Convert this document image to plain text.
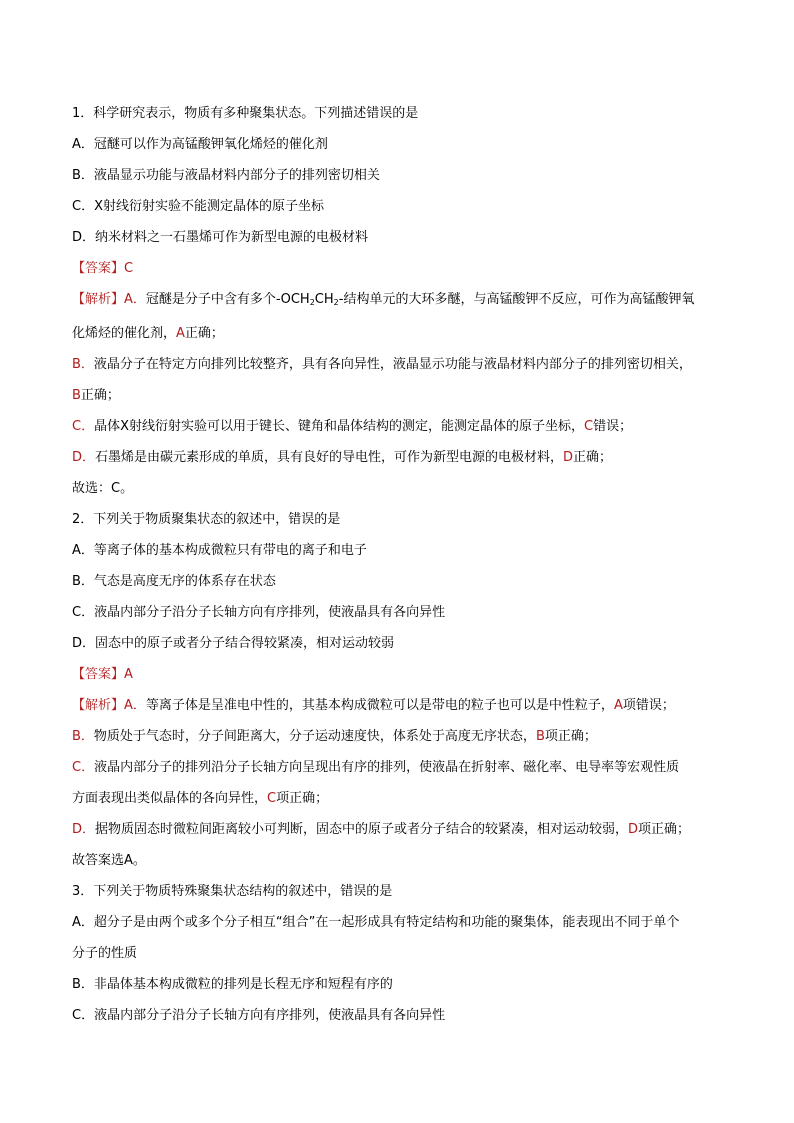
1．科学研究表示，物质有多种聚集状态。下列描述错误的是
A．冠醚可以作为高锰酸钾氧化烯烃的催化剂
B．液晶显示功能与液晶材料内部分子的排列密切相关
C．X射线衍射实验不能测定晶体的原子坐标
D．纳米材料之一石墨烯可作为新型电源的电极材料
【答案】C
【解析】A．冠醚是分子中含有多个$-OCH_2CH_2-$结构单元的大环多醚，与高锰酸钾不反应，可作为高锰酸钾氧
化烯烃的催化剂，A正确；
B．液晶分子在特定方向排列比较整齐，具有各向异性，液晶显示功能与液晶材料内部分子的排列密切相关，
B正确；
C．晶体X射线衍射实验可以用于键长、键角和晶体结构的测定，能测定晶体的原子坐标，C错误；
D．石墨烯是由碳元素形成的单质，具有良好的导电性，可作为新型电源的电极材料，D正确；
故选：C。
2．下列关于物质聚集状态的叙述中，错误的是
A．等离子体的基本构成微粒只有带电的离子和电子
B．气态是高度无序的体系存在状态
C．液晶内部分子沿分子长轴方向有序排列，使液晶具有各向异性
D．固态中的原子或者分子结合得较紧凑，相对运动较弱
【答案】A
【解析】A．等离子体是呈准电中性的，其基本构成微粒可以是带电的粒子也可以是中性粒子，A项错误；
B．物质处于气态时，分子间距离大，分子运动速度快，体系处于高度无序状态，B项正确；
C．液晶内部分子的排列沿分子长轴方向呈现出有序的排列，使液晶在折射率、磁化率、电导率等宏观性质
方面表现出类似晶体的各向异性，C项正确；
D．据物质固态时微粒间距离较小可判断，固态中的原子或者分子结合的较紧凑，相对运动较弱，D项正确；
故答案选A。
3．下列关于物质特殊聚集状态结构的叙述中，错误的是
A．超分子是由两个或多个分子相互“组合”在一起形成具有特定结构和功能的聚集体，能表现出不同于单个
分子的性质
B．非晶体基本构成微粒的排列是长程无序和短程有序的
C．液晶内部分子沿分子长轴方向有序排列，使液晶具有各向异性
